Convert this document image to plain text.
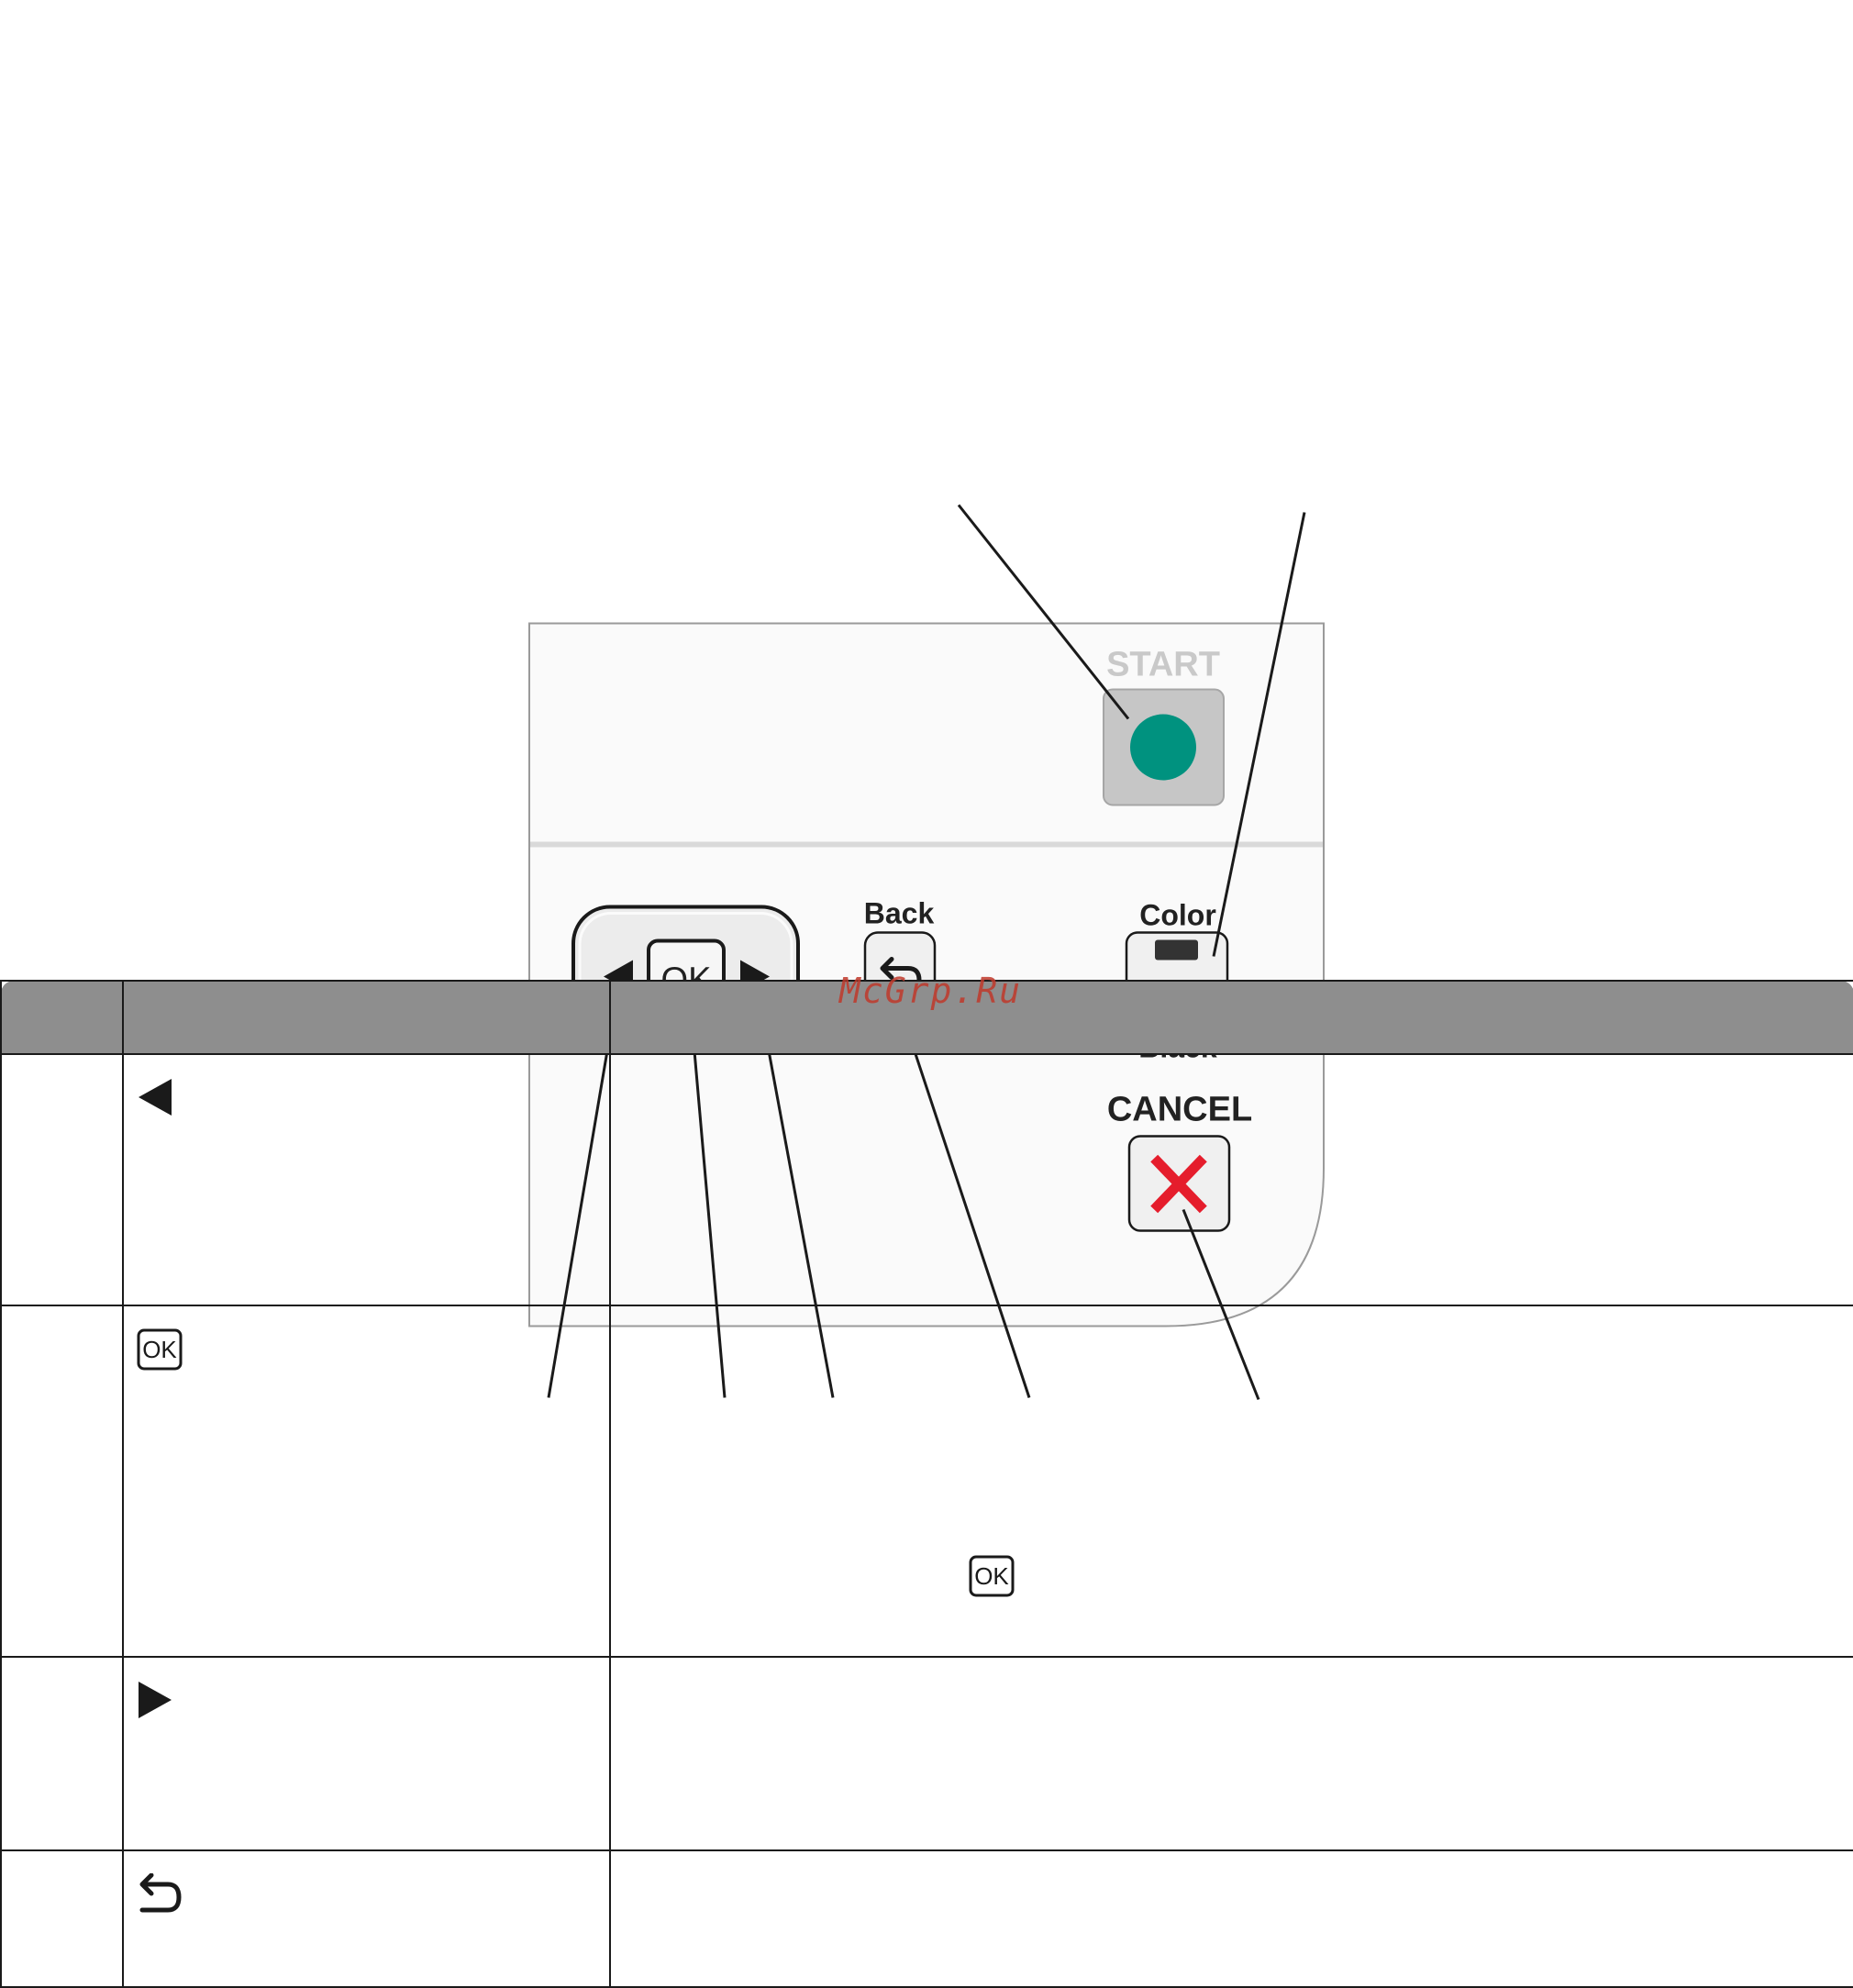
START
Back	Color
CANCEL

OK	OK

McGrp.Ru
